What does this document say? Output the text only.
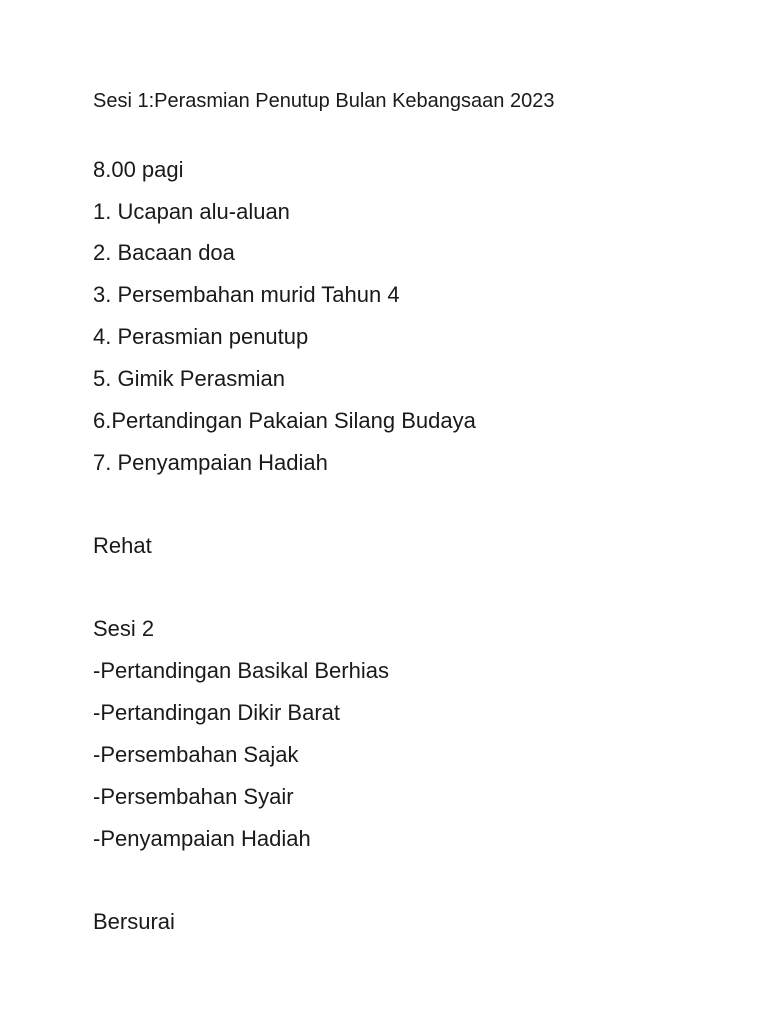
Sesi 1:Perasmian Penutup Bulan Kebangsaan 2023
8.00 pagi
1. Ucapan alu-aluan
2. Bacaan doa
3. Persembahan murid Tahun 4
4. Perasmian penutup
5. Gimik Perasmian
6.Pertandingan Pakaian Silang Budaya
7. Penyampaian Hadiah
Rehat
Sesi 2
-Pertandingan Basikal Berhias
-Pertandingan Dikir Barat
-Persembahan Sajak
-Persembahan Syair
-Penyampaian Hadiah
Bersurai
